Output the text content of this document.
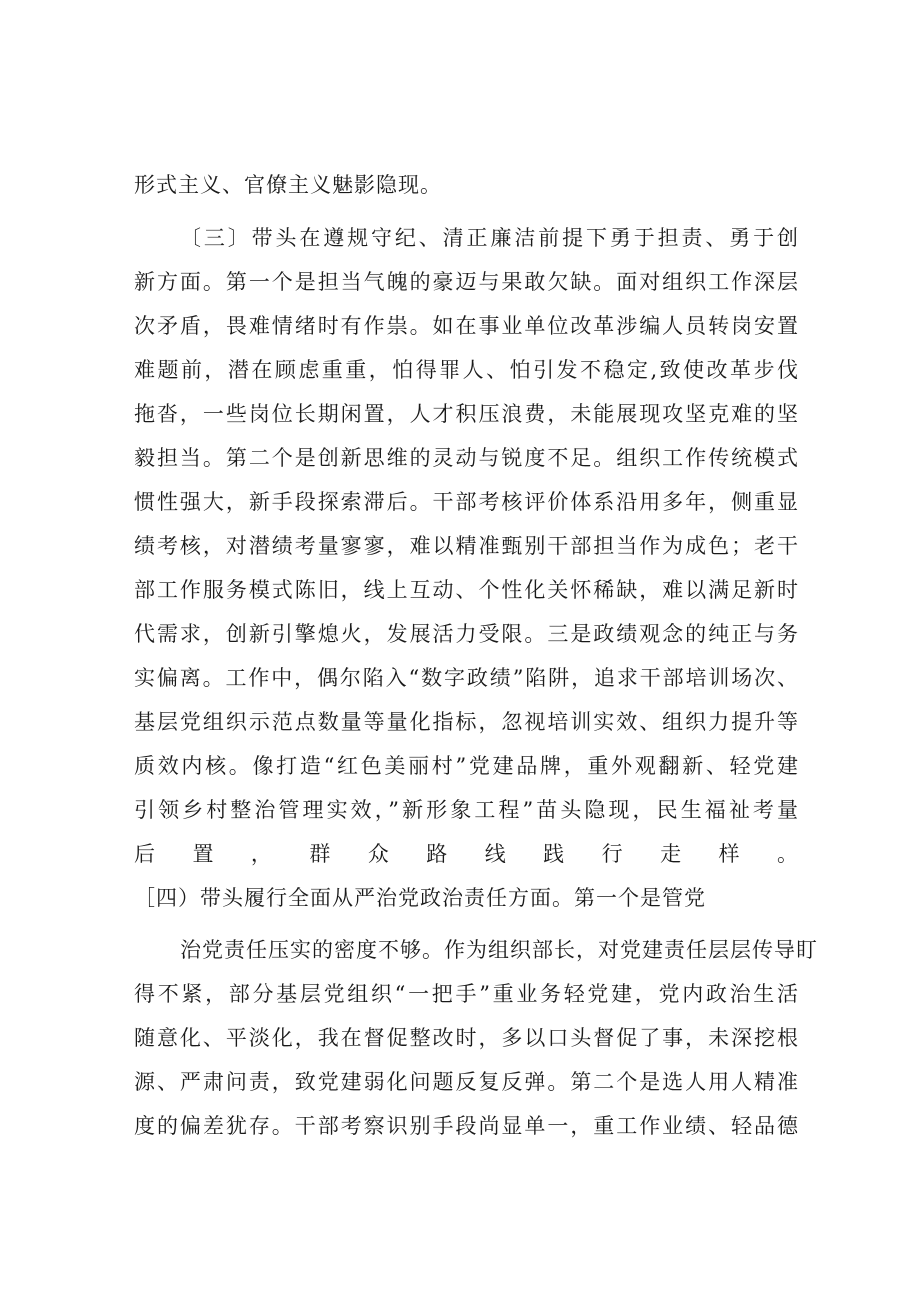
形式主义、官僚主义魅影隐现。
〔三〕带头在遵规守纪、清正廉洁前提下勇于担责、勇于创
新方面。第一个是担当气魄的豪迈与果敢欠缺。面对组织工作深层
次矛盾，畏难情绪时有作祟。如在事业单位改革涉编人员转岗安置
难题前，潜在顾虑重重，怕得罪人、怕引发不稳定,致使改革步伐
拖沓，一些岗位长期闲置，人才积压浪费，未能展现攻坚克难的坚
毅担当。第二个是创新思维的灵动与锐度不足。组织工作传统模式
惯性强大，新手段探索滞后。干部考核评价体系沿用多年，侧重显
绩考核，对潜绩考量寥寥，难以精准甄别干部担当作为成色；老干
部工作服务模式陈旧，线上互动、个性化关怀稀缺，难以满足新时
代需求，创新引擎熄火，发展活力受限。三是政绩观念的纯正与务
实偏离。工作中，偶尔陷入“数字政绩”陷阱，追求干部培训场次、
基层党组织示范点数量等量化指标，忽视培训实效、组织力提升等
质效内核。像打造“红色美丽村”党建品牌，重外观翻新、轻党建
引领乡村整治管理实效，”新形象工程”苗头隐现，民生福祉考量
后置，群众路线践行走样。
［四）带头履行全面从严治党政治责任方面。第一个是管党
治党责任压实的密度不够。作为组织部长，对党建责任层层传导盯
得不紧，部分基层党组织“一把手”重业务轻党建，党内政治生活
随意化、平淡化，我在督促整改时，多以口头督促了事，未深挖根
源、严肃问责，致党建弱化问题反复反弹。第二个是选人用人精准
度的偏差犹存。干部考察识别手段尚显单一，重工作业绩、轻品德
